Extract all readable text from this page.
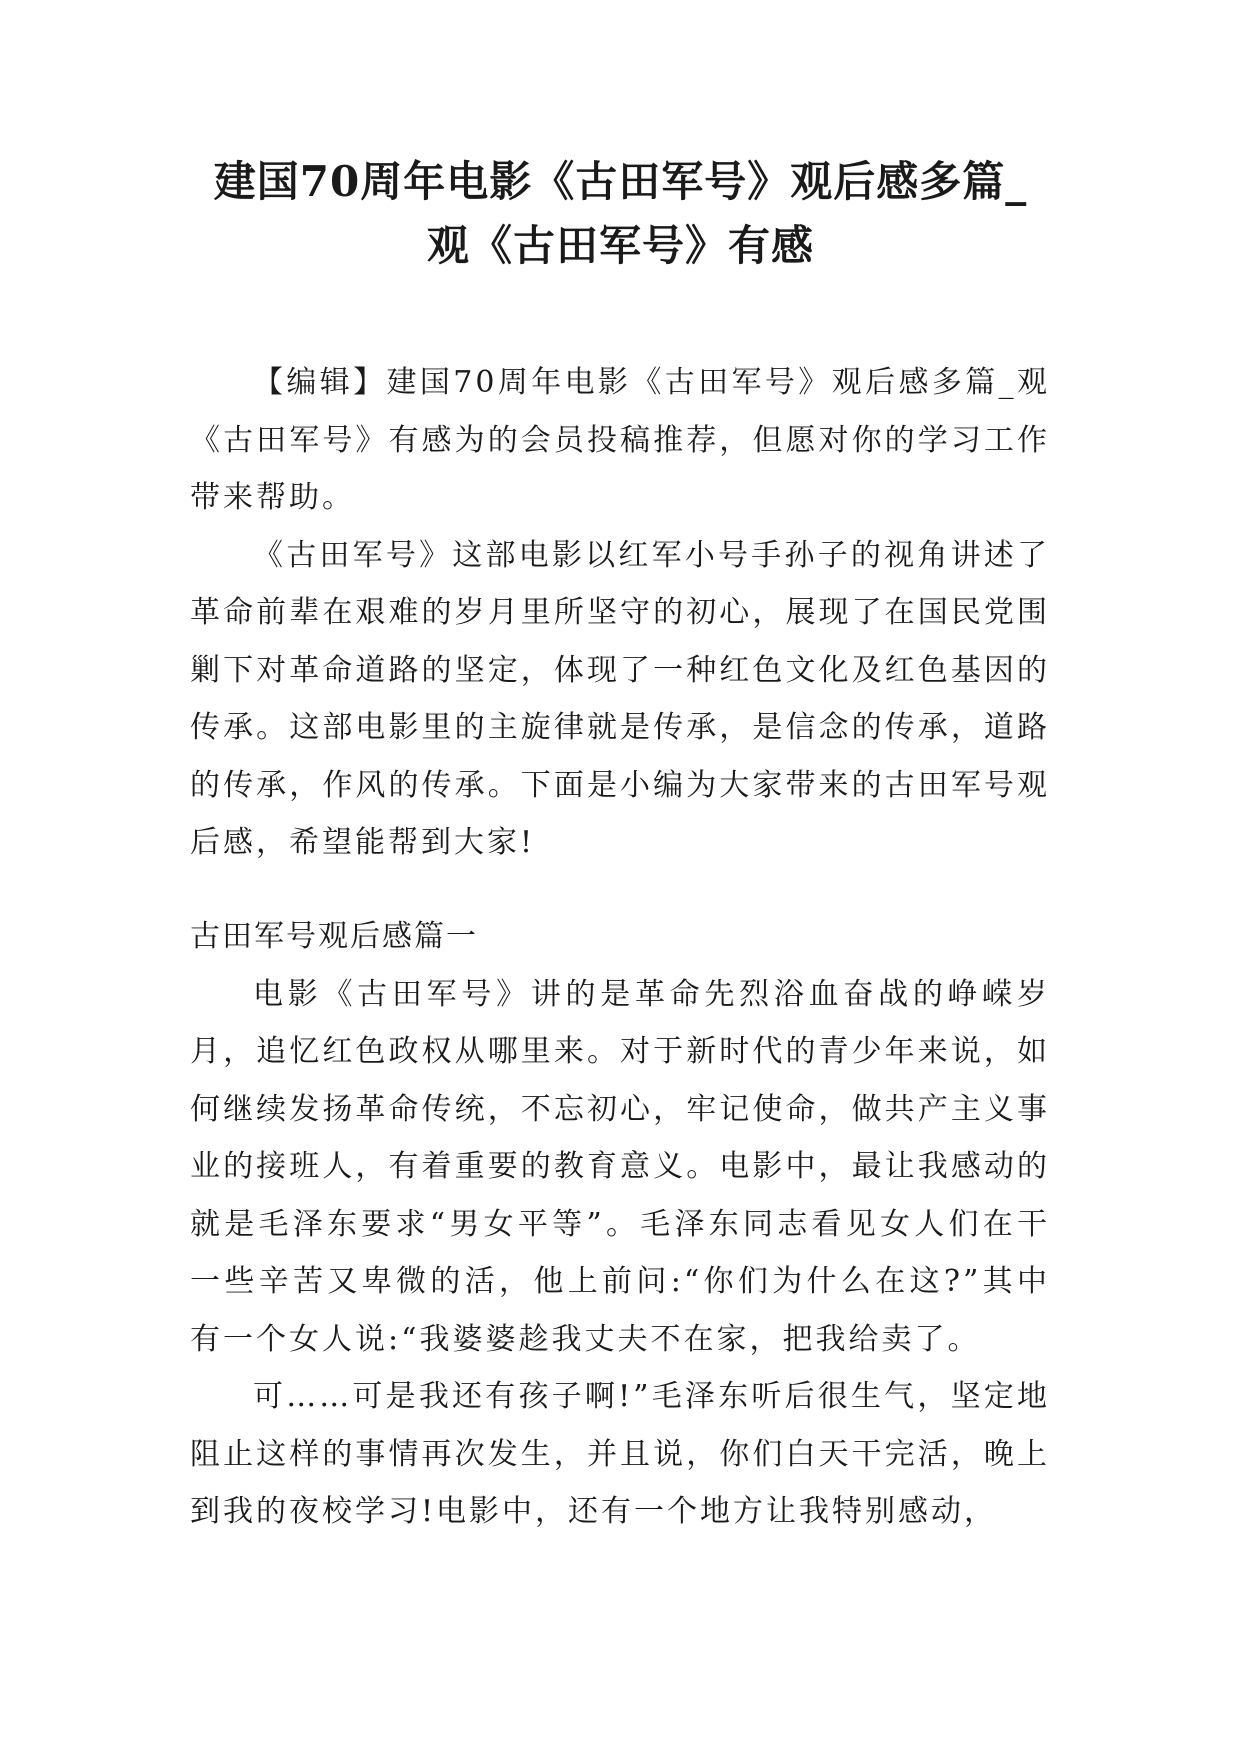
建国70周年电影《古田军号》观后感多篇_
观《古田军号》有感

【编辑】建国70周年电影《古田军号》观后感多篇_观《古田军号》有感为的会员投稿推荐，但愿对你的学习工作带来帮助。

《古田军号》这部电影以红军小号手孙子的视角讲述了革命前辈在艰难的岁月里所坚守的初心，展现了在国民党围剿下对革命道路的坚定，体现了一种红色文化及红色基因的传承。这部电影里的主旋律就是传承，是信念的传承，道路的传承，作风的传承。下面是小编为大家带来的古田军号观后感，希望能帮到大家!

古田军号观后感篇一

电影《古田军号》讲的是革命先烈浴血奋战的峥嵘岁月，追忆红色政权从哪里来。对于新时代的青少年来说，如何继续发扬革命传统，不忘初心，牢记使命，做共产主义事业的接班人，有着重要的教育意义。电影中，最让我感动的就是毛泽东要求“男女平等”。毛泽东同志看见女人们在干一些辛苦又卑微的活，他上前问:“你们为什么在这?”其中有一个女人说:“我婆婆趁我丈夫不在家，把我给卖了。

可……可是我还有孩子啊!”毛泽东听后很生气，坚定地阻止这样的事情再次发生，并且说，你们白天干完活，晚上到我的夜校学习!电影中，还有一个地方让我特别感动，
